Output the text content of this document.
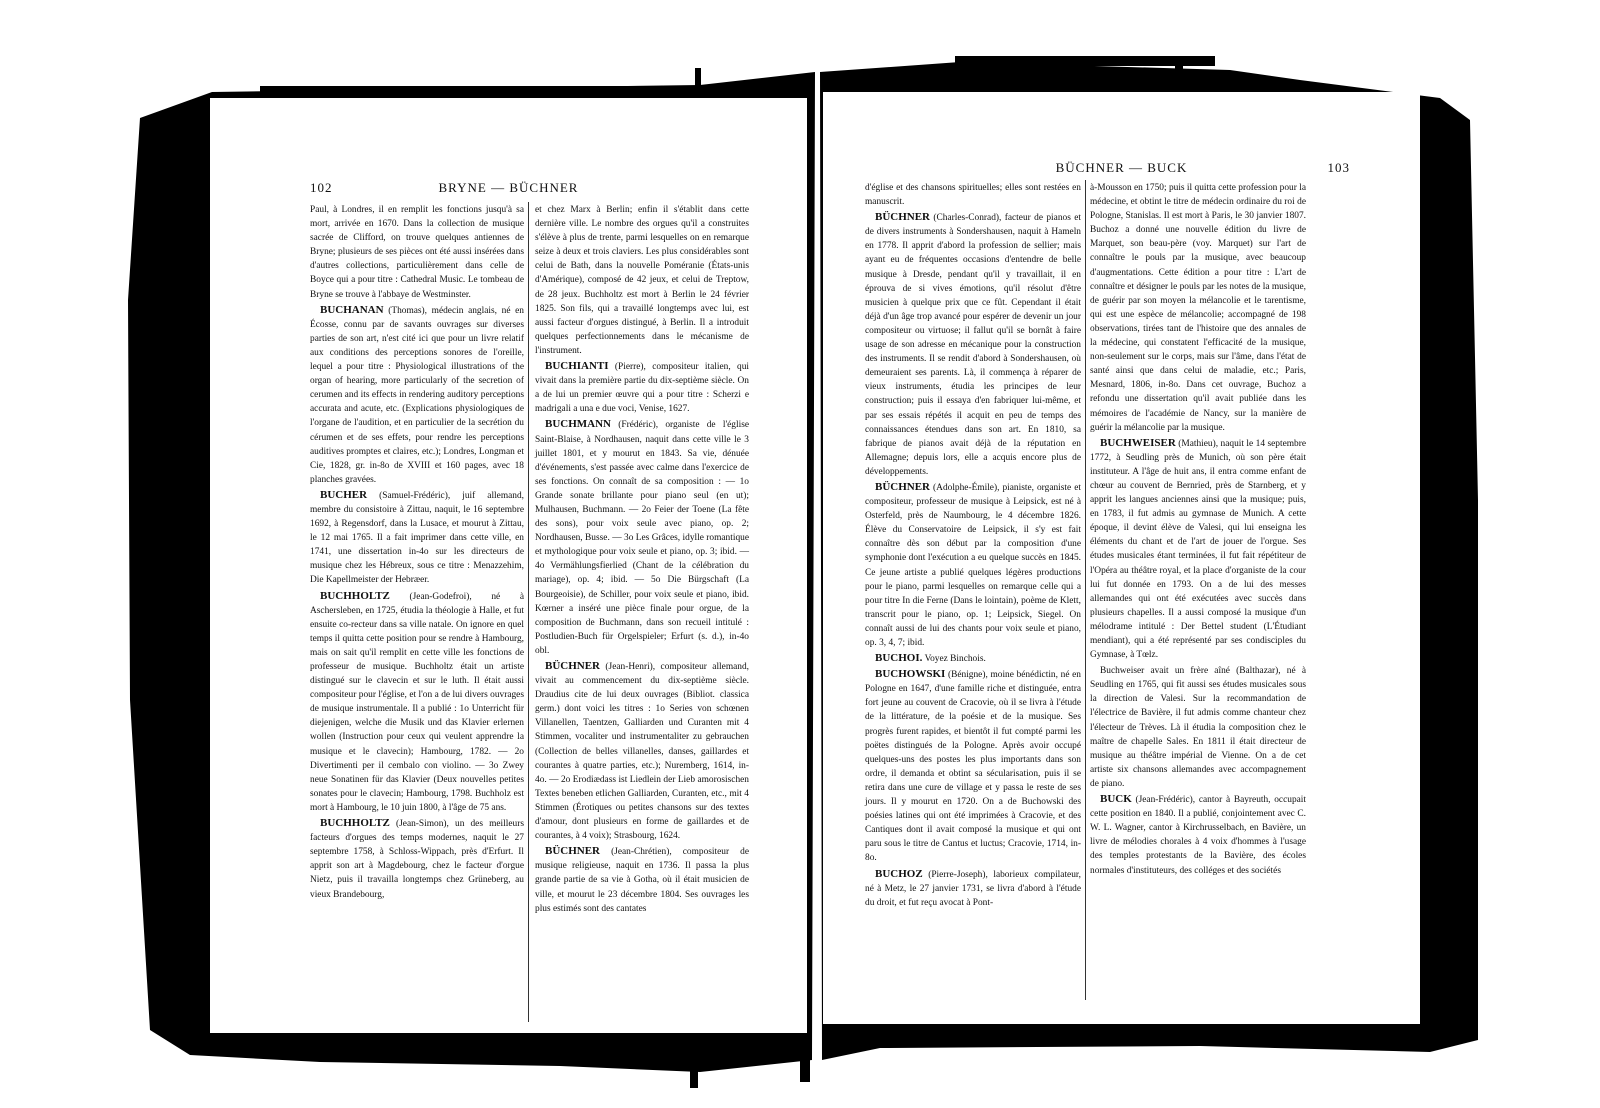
102	BRYNE — BÜCHNER

Paul, à Londres, il en remplit les fonctions jusqu'à sa mort, arrivée en 1670. Dans la collection de musique sacrée de Clifford, on trouve quelques antiennes de Bryne; plusieurs de ses pièces ont été aussi insérées dans d'autres collections, particulièrement dans celle de Boyce qui a pour titre : Cathedral Music. Le tombeau de Bryne se trouve à l'abbaye de Westminster.

BUCHANAN (Thomas), médecin anglais, né en Écosse, connu par de savants ouvrages sur diverses parties de son art, n'est cité ici que pour un livre relatif aux conditions des perceptions sonores de l'oreille, lequel a pour titre : Physiological illustrations of the organ of hearing, more particularly of the secretion of cerumen and its effects in rendering auditory perceptions accurata and acute, etc. (Explications physiologiques de l'organe de l'audition, et en particulier de la secrétion du cérumen et de ses effets, pour rendre les perceptions auditives promptes et claires, etc.); Londres, Longman et Cie, 1828, gr. in-8o de XVIII et 160 pages, avec 18 planches gravées.

BUCHER (Samuel-Frédéric), juif allemand, membre du consistoire à Zittau, naquit, le 16 septembre 1692, à Regensdorf, dans la Lusace, et mourut à Zittau, le 12 mai 1765. Il a fait imprimer dans cette ville, en 1741, une dissertation in-4o sur les directeurs de musique chez les Hébreux, sous ce titre : Menazzehim, Die Kapellmeister der Hebræer.

BUCHHOLTZ (Jean-Godefroi), né à Aschersleben, en 1725, étudia la théologie à Halle, et fut ensuite co-recteur dans sa ville natale. On ignore en quel temps il quitta cette position pour se rendre à Hambourg, mais on sait qu'il remplit en cette ville les fonctions de professeur de musique. Buchholtz était un artiste distingué sur le clavecin et sur le luth. Il était aussi compositeur pour l'église, et l'on a de lui divers ouvrages de musique instrumentale. Il a publié : 1o Unterricht für diejenigen, welche die Musik und das Klavier erlernen wollen (Instruction pour ceux qui veulent apprendre la musique et le clavecin); Hambourg, 1782. — 2o Divertimenti per il cembalo con violino. — 3o Zwey neue Sonatinen für das Klavier (Deux nouvelles petites sonates pour le clavecin; Hambourg, 1798. Buchholz est mort à Hambourg, le 10 juin 1800, à l'âge de 75 ans.

BUCHHOLTZ (Jean-Simon), un des meilleurs facteurs d'orgues des temps modernes, naquit le 27 septembre 1758, à Schloss-Wippach, près d'Erfurt. Il apprit son art à Magdebourg, chez le facteur d'orgue Nietz, puis il travailla longtemps chez Grüneberg, au vieux Brandebourg,

et chez Marx à Berlin; enfin il s'établit dans cette dernière ville. Le nombre des orgues qu'il a construites s'élève à plus de trente, parmi lesquelles on en remarque seize à deux et trois claviers. Les plus considérables sont celui de Bath, dans la nouvelle Poméranie (États-unis d'Amérique), composé de 42 jeux, et celui de Treptow, de 28 jeux. Buchholtz est mort à Berlin le 24 février 1825. Son fils, qui a travaillé longtemps avec lui, est aussi facteur d'orgues distingué, à Berlin. Il a introduit quelques perfectionnements dans le mécanisme de l'instrument.

BUCHIANTI (Pierre), compositeur italien, qui vivait dans la première partie du dix-septième siècle. On a de lui un premier œuvre qui a pour titre : Scherzi e madrigali a una e due voci, Venise, 1627.

BUCHMANN (Frédéric), organiste de l'église Saint-Blaise, à Nordhausen, naquit dans cette ville le 3 juillet 1801, et y mourut en 1843. Sa vie, dénuée d'événements, s'est passée avec calme dans l'exercice de ses fonctions. On connaît de sa composition : — 1o Grande sonate brillante pour piano seul (en ut); Mulhausen, Buchmann. — 2o Feier der Toene (La fête des sons), pour voix seule avec piano, op. 2; Nordhausen, Busse. — 3o Les Grâces, idylle romantique et mythologique pour voix seule et piano, op. 3; ibid. — 4o Vermählungsfierlied (Chant de la célébration du mariage), op. 4; ibid. — 5o Die Bürgschaft (La Bourgeoisie), de Schiller, pour voix seule et piano, ibid. Kœrner a inséré une pièce finale pour orgue, de la composition de Buchmann, dans son recueil intitulé : Postludien-Buch für Orgelspieler; Erfurt (s. d.), in-4o obl.

BÜCHNER (Jean-Henri), compositeur allemand, vivait au commencement du dix-septième siècle. Draudius cite de lui deux ouvrages (Bibliot. classica germ.) dont voici les titres : 1o Series von schœnen Villanellen, Taentzen, Galliarden und Curanten mit 4 Stimmen, vocaliter und instrumentaliter zu gebrauchen (Collection de belles villanelles, danses, gaillardes et courantes à quatre parties, etc.); Nuremberg, 1614, in-4o. — 2o Erodiædass ist Liedlein der Lieb amorosischen Textes beneben etlichen Galliarden, Curanten, etc., mit 4 Stimmen (Érotiques ou petites chansons sur des textes d'amour, dont plusieurs en forme de gaillardes et de courantes, à 4 voix); Strasbourg, 1624.

BÜCHNER (Jean-Chrétien), compositeur de musique religieuse, naquit en 1736. Il passa la plus grande partie de sa vie à Gotha, où il était musicien de ville, et mourut le 23 décembre 1804. Ses ouvrages les plus estimés sont des cantates

BÜCHNER — BUCK	103

d'église et des chansons spirituelles; elles sont restées en manuscrit.

BÜCHNER (Charles-Conrad), facteur de pianos et de divers instruments à Sondershausen, naquit à Hameln en 1778. Il apprit d'abord la profession de sellier; mais ayant eu de fréquentes occasions d'entendre de belle musique à Dresde, pendant qu'il y travaillait, il en éprouva de si vives émotions, qu'il résolut d'être musicien à quelque prix que ce fût. Cependant il était déjà d'un âge trop avancé pour espérer de devenir un jour compositeur ou virtuose; il fallut qu'il se bornât à faire usage de son adresse en mécanique pour la construction des instruments. Il se rendit d'abord à Sondershausen, où demeuraient ses parents. Là, il commença à réparer de vieux instruments, étudia les principes de leur construction; puis il essaya d'en fabriquer lui-même, et par ses essais répétés il acquit en peu de temps des connaissances étendues dans son art. En 1810, sa fabrique de pianos avait déjà de la réputation en Allemagne; depuis lors, elle a acquis encore plus de développements.

BÜCHNER (Adolphe-Émile), pianiste, organiste et compositeur, professeur de musique à Leipsick, est né à Osterfeld, près de Naumbourg, le 4 décembre 1826. Élève du Conservatoire de Leipsick, il s'y est fait connaître dès son début par la composition d'une symphonie dont l'exécution a eu quelque succès en 1845. Ce jeune artiste a publié quelques légères productions pour le piano, parmi lesquelles on remarque celle qui a pour titre In die Ferne (Dans le lointain), poème de Klett, transcrit pour le piano, op. 1; Leipsick, Siegel. On connaît aussi de lui des chants pour voix seule et piano, op. 3, 4, 7; ibid.

BUCHOI. Voyez Binchois.

BUCHOWSKI (Bénigne), moine bénédictin, né en Pologne en 1647, d'une famille riche et distinguée, entra fort jeune au couvent de Cracovie, où il se livra à l'étude de la littérature, de la poésie et de la musique. Ses progrès furent rapides, et bientôt il fut compté parmi les poëtes distingués de la Pologne. Après avoir occupé quelques-uns des postes les plus importants dans son ordre, il demanda et obtint sa sécularisation, puis il se retira dans une cure de village et y passa le reste de ses jours. Il y mourut en 1720. On a de Buchowski des poésies latines qui ont été imprimées à Cracovie, et des Cantiques dont il avait composé la musique et qui ont paru sous le titre de Cantus et luctus; Cracovie, 1714, in-8o.

BUCHOZ (Pierre-Joseph), laborieux compilateur, né à Metz, le 27 janvier 1731, se livra d'abord à l'étude du droit, et fut reçu avocat à Pont-

à-Mousson en 1750; puis il quitta cette profession pour la médecine, et obtint le titre de médecin ordinaire du roi de Pologne, Stanislas. Il est mort à Paris, le 30 janvier 1807. Buchoz a donné une nouvelle édition du livre de Marquet, son beau-père (voy. Marquet) sur l'art de connaître le pouls par la musique, avec beaucoup d'augmentations. Cette édition a pour titre : L'art de connaître et désigner le pouls par les notes de la musique, de guérir par son moyen la mélancolie et le tarentisme, qui est une espèce de mélancolie; accompagné de 198 observations, tirées tant de l'histoire que des annales de la médecine, qui constatent l'efficacité de la musique, non-seulement sur le corps, mais sur l'âme, dans l'état de santé ainsi que dans celui de maladie, etc.; Paris, Mesnard, 1806, in-8o. Dans cet ouvrage, Buchoz a refondu une dissertation qu'il avait publiée dans les mémoires de l'académie de Nancy, sur la manière de guérir la mélancolie par la musique.

BUCHWEISER (Mathieu), naquit le 14 septembre 1772, à Seudling près de Munich, où son père était instituteur. A l'âge de huit ans, il entra comme enfant de chœur au couvent de Bernried, près de Starnberg, et y apprit les langues anciennes ainsi que la musique; puis, en 1783, il fut admis au gymnase de Munich. A cette époque, il devint élève de Valesi, qui lui enseigna les éléments du chant et de l'art de jouer de l'orgue. Ses études musicales étant terminées, il fut fait répétiteur de l'Opéra au théâtre royal, et la place d'organiste de la cour lui fut donnée en 1793. On a de lui des messes allemandes qui ont été exécutées avec succès dans plusieurs chapelles. Il a aussi composé la musique d'un mélodrame intitulé : Der Bettel student (L'Étudiant mendiant), qui a été représenté par ses condisciples du Gymnase, à Tœlz.

Buchweiser avait un frère aîné (Balthazar), né à Seudling en 1765, qui fit aussi ses études musicales sous la direction de Valesi. Sur la recommandation de l'électrice de Bavière, il fut admis comme chanteur chez l'électeur de Trèves. Là il étudia la composition chez le maître de chapelle Sales. En 1811 il était directeur de musique au théâtre impérial de Vienne. On a de cet artiste six chansons allemandes avec accompagnement de piano.

BUCK (Jean-Frédéric), cantor à Bayreuth, occupait cette position en 1840. Il a publié, conjointement avec C. W. L. Wagner, cantor à Kirchrusselbach, en Bavière, un livre de mélodies chorales à 4 voix d'hommes à l'usage des temples protestants de la Bavière, des écoles normales d'instituteurs, des colléges et des sociétés
